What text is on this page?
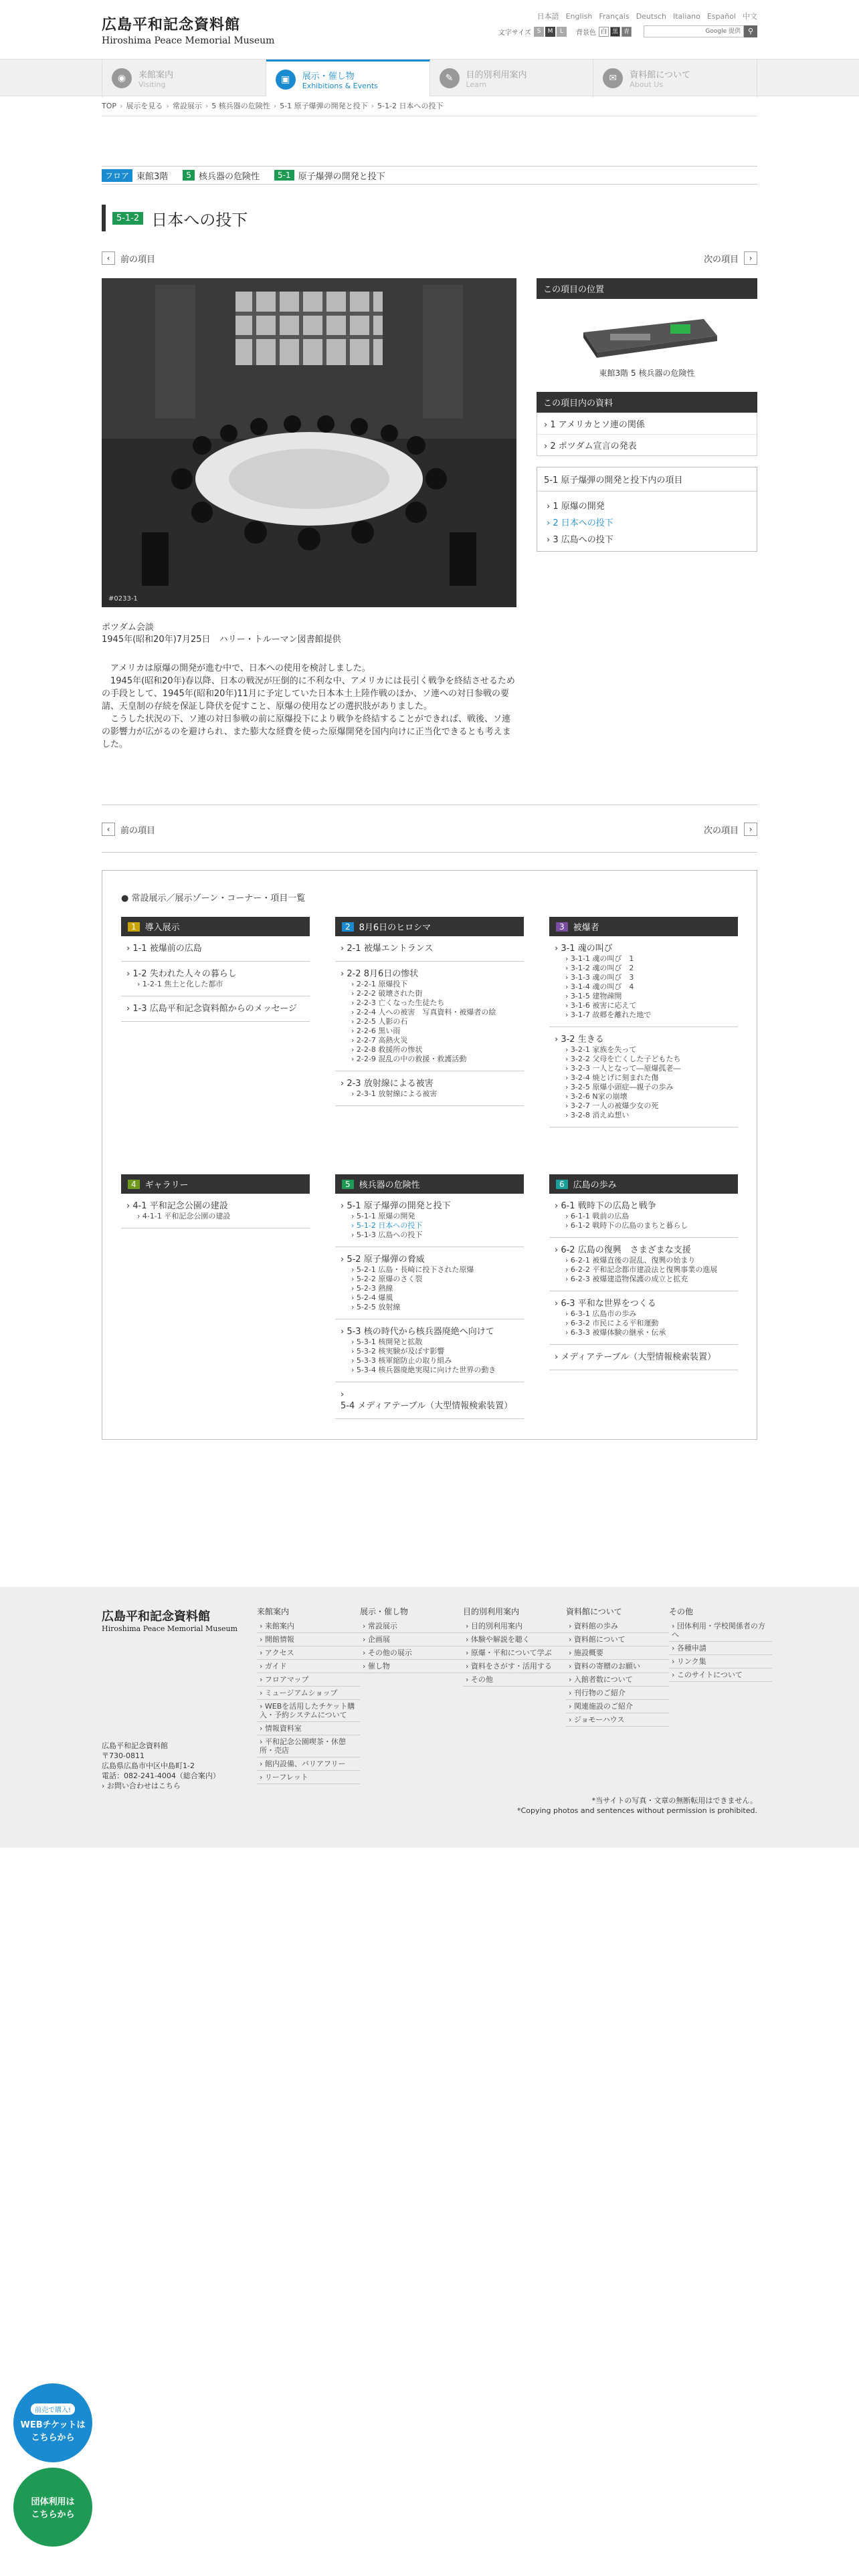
広島平和記念資料館
Hiroshima Peace Memorial Museum
日本語 English Français Deutsch Italiano Español 中文
文字サイズ S	M	L	背景色 白 黒 青	Google 提供 ⚲
◉	来館案内
Visiting	▣	展示・催し物
Exhibitions & Events
✎	目的別利用案内
Learn
✉	資料館について
About Us
TOP › 展示を見る › 常設展示 › 5 核兵器の危険性 › 5-1 原子爆弾の開発と投下 › 5-1-2 日本への投下
フロア 東館3階	5 核兵器の危険性	5-1 原子爆弾の開発と投下
5-1-2 日本への投下
‹	前の項目	次の項目	›
#0233-1
ポツダム会談
1945年(昭和20年)7月25日　ハリー・トルーマン図書館提供

　アメリカは原爆の開発が進む中で、日本への使用を検討しました。

　1945年(昭和20年)春以降、日本の戦況が圧倒的に不利な中、アメリカには長引く戦争を終結させるための手段として、1945年(昭和20年)11月に予定していた日本本土上陸作戦のほか、ソ連への対日参戦の要請、天皇制の存続を保証し降伏を促すこと、原爆の使用などの選択肢がありました。

　こうした状況の下、ソ連の対日参戦の前に原爆投下により戦争を終結することができれば、戦後、ソ連の影響力が広がるのを避けられ、また膨大な経費を使った原爆開発を国内向けに正当化できるとも考えました。

この項目の位置
東館3階 5 核兵器の危険性
この項目内の資料
› 1 アメリカとソ連の関係
› 2 ポツダム宣言の発表
5-1 原子爆弾の開発と投下内の項目
› 1 原爆の開発
› 2 日本への投下
› 3 広島への投下
‹	前の項目	次の項目	›
● 常設展示／展示ゾーン・コーナー・項目一覧
1	導入展示
› 1-1 被爆前の広島
› 1-2 失われた人々の暮らし
› 1-2-1 焦土と化した都市
› 1-3 広島平和記念資料館からのメッセージ
2	8月6日のヒロシマ
› 2-1 被爆エントランス
› 2-2 8月6日の惨状
› 2-2-1 原爆投下
› 2-2-2 破壊された街
› 2-2-3 亡くなった生徒たち
› 2-2-4 人への被害　写真資料・被爆者の絵
› 2-2-5 人影の石
› 2-2-6 黒い雨
› 2-2-7 高熱火災
› 2-2-8 救援所の惨状
› 2-2-9 混乱の中の救援・救護活動
› 2-3 放射線による被害
› 2-3-1 放射線による被害
3	被爆者
› 3-1 魂の叫び
› 3-1-1 魂の叫び　1
› 3-1-2 魂の叫び　2
› 3-1-3 魂の叫び　3
› 3-1-4 魂の叫び　4
› 3-1-5 建物疎開
› 3-1-6 被害に応えて
› 3-1-7 故郷を離れた地で
› 3-2 生きる
› 3-2-1 家族を失って
› 3-2-2 父母を亡くした子どもたち
› 3-2-3 一人となって―原爆孤老―
› 3-2-4 焼とげに刻まれた傷
› 3-2-5 原爆小頭症―親子の歩み
› 3-2-6 N家の崩壊
› 3-2-7 一人の被爆少女の死
› 3-2-8 消えぬ想い
4	ギャラリー
› 4-1 平和記念公園の建設
› 4-1-1 平和記念公園の建設
5	核兵器の危険性
› 5-1 原子爆弾の開発と投下
› 5-1-1 原爆の開発
› 5-1-2 日本への投下
› 5-1-3 広島への投下
› 5-2 原子爆弾の脅威
› 5-2-1 広島・長崎に投下された原爆
› 5-2-2 原爆のさく裂
› 5-2-3 熱線
› 5-2-4 爆風
› 5-2-5 放射線
› 5-3 核の時代から核兵器廃絶へ向けて
› 5-3-1 核開発と拡散
› 5-3-2 核実験が及ぼす影響
› 5-3-3 核軍縮防止の取り組み
› 5-3-4 核兵器廃絶実現に向けた世界の動き
› 5-4 メディアテーブル（大型情報検索装置）
6	広島の歩み
› 6-1 戦時下の広島と戦争
› 6-1-1 戦前の広島
› 6-1-2 戦時下の広島のまちと暮らし
› 6-2 広島の復興　さまざまな支援
› 6-2-1 被爆直後の混乱、復興の始まり
› 6-2-2 平和記念都市建設法と復興事業の進展
› 6-2-3 被爆建造物保護の成立と拡充
› 6-3 平和な世界をつくる
› 6-3-1 広島市の歩み
› 6-3-2 市民による平和運動
› 6-3-3 被爆体験の継承・伝承
› メディアテーブル（大型情報検索装置）
広島平和記念資料館
Hiroshima Peace Memorial Museum
来館案内
› 来館案内
› 開館情報
› アクセス
› ガイド
› フロアマップ
› ミュージアムショップ
› WEBを活用したチケット購入・予約システムについて
› 情報資料室
› 平和記念公園喫茶・休憩所・売店
› 館内設備、バリアフリー
› リーフレット
展示・催し物
› 常設展示
› 企画展
› その他の展示
› 催し物
目的別利用案内
› 目的別利用案内
› 体験や解説を聴く
› 原爆・平和について学ぶ
› 資料をさがす・活用する
› その他
資料館について
› 資料館の歩み
› 資料館について
› 施設概要
› 資料の寄贈のお願い
› 入館者数について
› 刊行物のご紹介
› 関連施設のご紹介
› ジョモーハウス
その他
› 団体利用・学校関係者の方へ
› 各種申請
› リンク集
› このサイトについて
広島平和記念資料館
〒730-0811
広島県広島市中区中島町1-2
電話：082-241-4004（総合案内）
› お問い合わせはこちら
*当サイトの写真・文章の無断転用はできません。
*Copying photos and sentences without permission is prohibited.
前売で購入!
WEBチケットは
こちらから
団体利用は
こちらから
